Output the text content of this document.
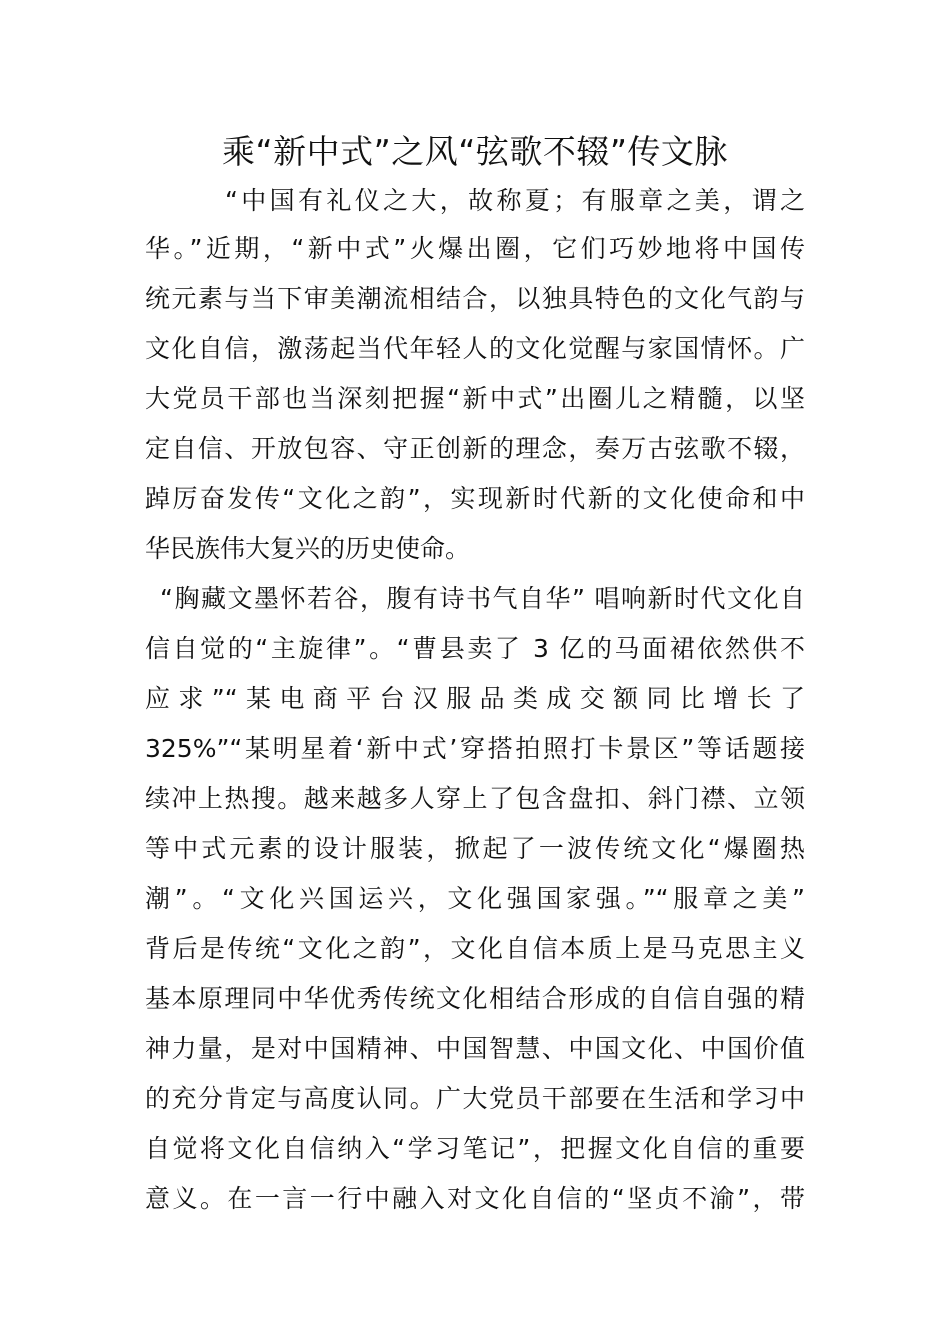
乘“新中式”之风“弦歌不辍”传文脉
“中国有礼仪之大，故称夏；有服章之美，谓之
华。”近期，“新中式”火爆出圈，它们巧妙地将中国传
统元素与当下审美潮流相结合，以独具特色的文化气韵与
文化自信，激荡起当代年轻人的文化觉醒与家国情怀。广
大党员干部也当深刻把握“新中式”出圈儿之精髓，以坚
定自信、开放包容、守正创新的理念，奏万古弦歌不辍，
踔厉奋发传“文化之韵”，实现新时代新的文化使命和中
华民族伟大复兴的历史使命。
“胸藏文墨怀若谷，腹有诗书气自华” 唱响新时代文化自
信自觉的“主旋律”。“曹县卖了 3 亿的马面裙依然供不
应求”“某电商平台汉服品类成交额同比增长了
325%”“某明星着‘新中式’穿搭拍照打卡景区”等话题接
续冲上热搜。越来越多人穿上了包含盘扣、斜门襟、立领
等中式元素的设计服装，掀起了一波传统文化“爆圈热
潮”。“文化兴国运兴，文化强国家强。”“服章之美”
背后是传统“文化之韵”，文化自信本质上是马克思主义
基本原理同中华优秀传统文化相结合形成的自信自强的精
神力量，是对中国精神、中国智慧、中国文化、中国价值
的充分肯定与高度认同。广大党员干部要在生活和学习中
自觉将文化自信纳入“学习笔记”，把握文化自信的重要
意义。在一言一行中融入对文化自信的“坚贞不渝”，带
